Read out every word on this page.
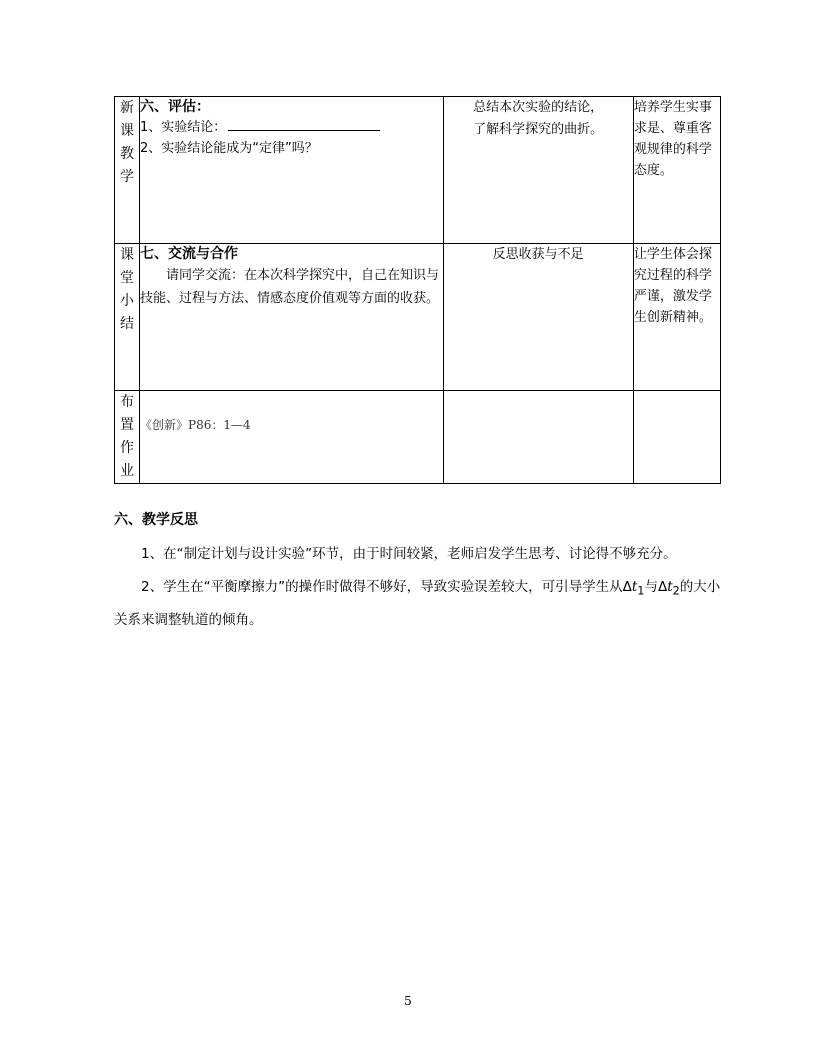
新课教学	六、评估：
1、实验结论：
2、实验结论能成为“定律”吗？	总结本次实验的结论，
了解科学探究的曲折。	培养学生实事求是、尊重客观规律的科学态度。

课堂小结	七、交流与合作
请同学交流：在本次科学探究中，自己在知识与技能、过程与方法、情感态度价值观等方面的收获。	反思收获与不足	让学生体会探究过程的科学严谨，激发学生创新精神。

布置作业	《创新》P86：1—4		

六、教学反思

1、在“制定计划与设计实验”环节，由于时间较紧，老师启发学生思考、讨论得不够充分。

2、学生在“平衡摩擦力”的操作时做得不够好，导致实验误差较大，可引导学生从$\Delta t_1$与$\Delta t_2$的大小关系来调整轨道的倾角。

5
